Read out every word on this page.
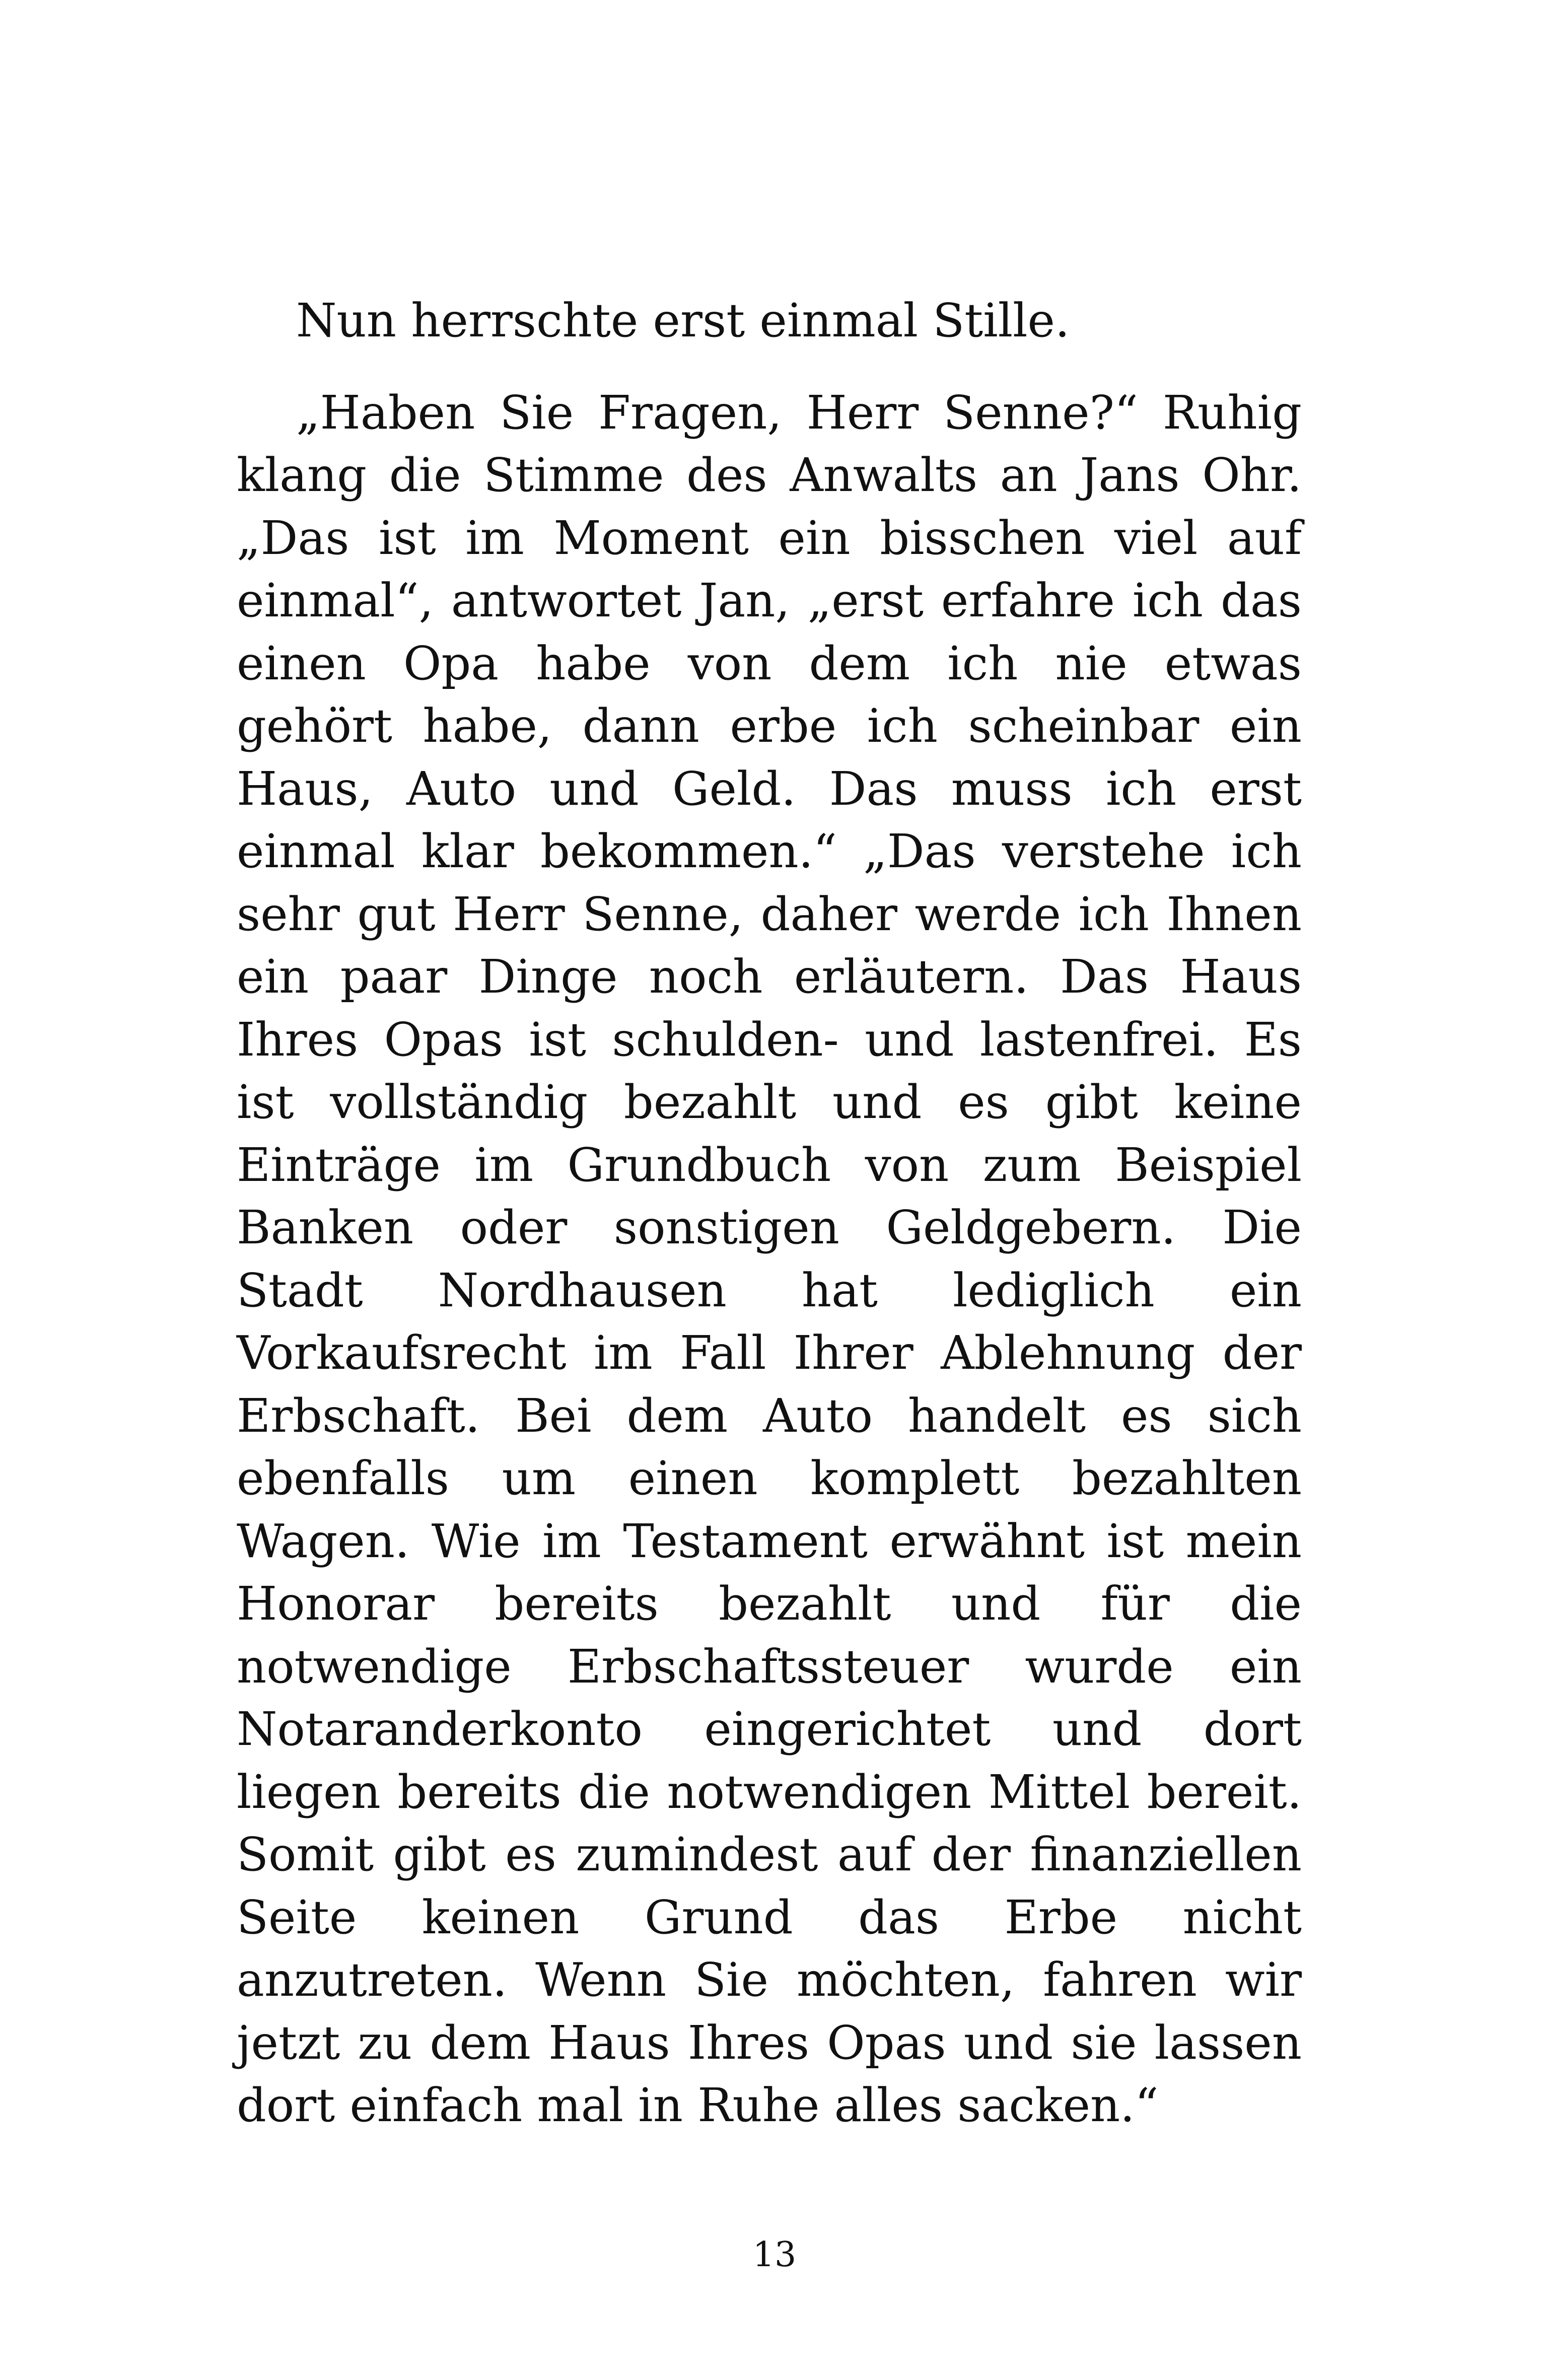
Nun herrschte erst einmal Stille.

„Haben Sie Fragen, Herr Senne?“ Ruhig klang die Stimme des Anwalts an Jans Ohr. „Das ist im Moment ein bisschen viel auf einmal“, antwortet Jan, „erst erfahre ich das einen Opa habe von dem ich nie etwas gehört habe, dann erbe ich scheinbar ein Haus, Auto und Geld. Das muss ich erst einmal klar bekommen.“ „Das verstehe ich sehr gut Herr Senne, daher werde ich Ihnen ein paar Dinge noch erläutern. Das Haus Ihres Opas ist schulden- und lastenfrei. Es ist vollständig bezahlt und es gibt keine Einträge im Grundbuch von zum Beispiel Banken oder sonstigen Geldgebern. Die Stadt Nordhausen hat lediglich ein Vorkaufsrecht im Fall Ihrer Ablehnung der Erbschaft. Bei dem Auto handelt es sich ebenfalls um einen komplett bezahlten Wagen. Wie im Testament erwähnt ist mein Honorar bereits bezahlt und für die notwendige Erbschaftssteuer wurde ein Notaranderkonto eingerichtet und dort liegen bereits die notwendigen Mittel bereit. Somit gibt es zumindest auf der finanziellen Seite keinen Grund das Erbe nicht anzutreten. Wenn Sie möchten, fahren wir jetzt zu dem Haus Ihres Opas und sie lassen dort einfach mal in Ruhe alles sacken.“

13
